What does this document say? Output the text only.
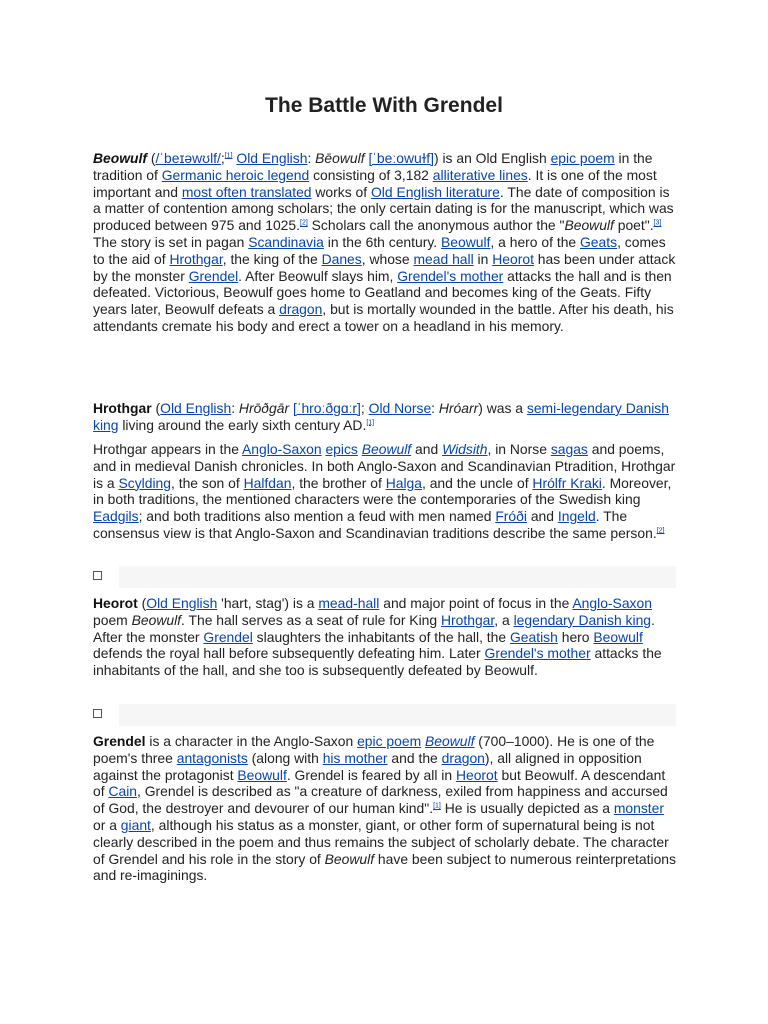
The Battle With Grendel

Beowulf (/ˈbeɪəwʊlf/;[1] Old English: Bēowulf [ˈbeːowuɫf]) is an Old English epic poem in the tradition of Germanic heroic legend consisting of 3,182 alliterative lines. It is one of the most important and most often translated works of Old English literature. The date of composition is a matter of contention among scholars; the only certain dating is for the manuscript, which was produced between 975 and 1025.[2] Scholars call the anonymous author the "Beowulf poet".[3] The story is set in pagan Scandinavia in the 6th century. Beowulf, a hero of the Geats, comes to the aid of Hrothgar, the king of the Danes, whose mead hall in Heorot has been under attack by the monster Grendel. After Beowulf slays him, Grendel's mother attacks the hall and is then defeated. Victorious, Beowulf goes home to Geatland and becomes king of the Geats. Fifty years later, Beowulf defeats a dragon, but is mortally wounded in the battle. After his death, his attendants cremate his body and erect a tower on a headland in his memory.

Hrothgar (Old English: Hrōðgār [ˈhroːðɡɑːr]; Old Norse: Hróarr) was a semi-legendary Danish king living around the early sixth century AD.[1]

Hrothgar appears in the Anglo-Saxon epics Beowulf and Widsith, in Norse sagas and poems, and in medieval Danish chronicles. In both Anglo-Saxon and Scandinavian Ptradition, Hrothgar is a Scylding, the son of Halfdan, the brother of Halga, and the uncle of Hrólfr Kraki. Moreover, in both traditions, the mentioned characters were the contemporaries of the Swedish king Eadgils; and both traditions also mention a feud with men named Fróði and Ingeld. The consensus view is that Anglo-Saxon and Scandinavian traditions describe the same person.[2]

Heorot (Old English 'hart, stag') is a mead-hall and major point of focus in the Anglo-Saxon poem Beowulf. The hall serves as a seat of rule for King Hrothgar, a legendary Danish king. After the monster Grendel slaughters the inhabitants of the hall, the Geatish hero Beowulf defends the royal hall before subsequently defeating him. Later Grendel's mother attacks the inhabitants of the hall, and she too is subsequently defeated by Beowulf.

Grendel is a character in the Anglo-Saxon epic poem Beowulf (700–1000). He is one of the poem's three antagonists (along with his mother and the dragon), all aligned in opposition against the protagonist Beowulf. Grendel is feared by all in Heorot but Beowulf. A descendant of Cain, Grendel is described as "a creature of darkness, exiled from happiness and accursed of God, the destroyer and devourer of our human kind".[1] He is usually depicted as a monster or a giant, although his status as a monster, giant, or other form of supernatural being is not clearly described in the poem and thus remains the subject of scholarly debate. The character of Grendel and his role in the story of Beowulf have been subject to numerous reinterpretations and re-imaginings.
